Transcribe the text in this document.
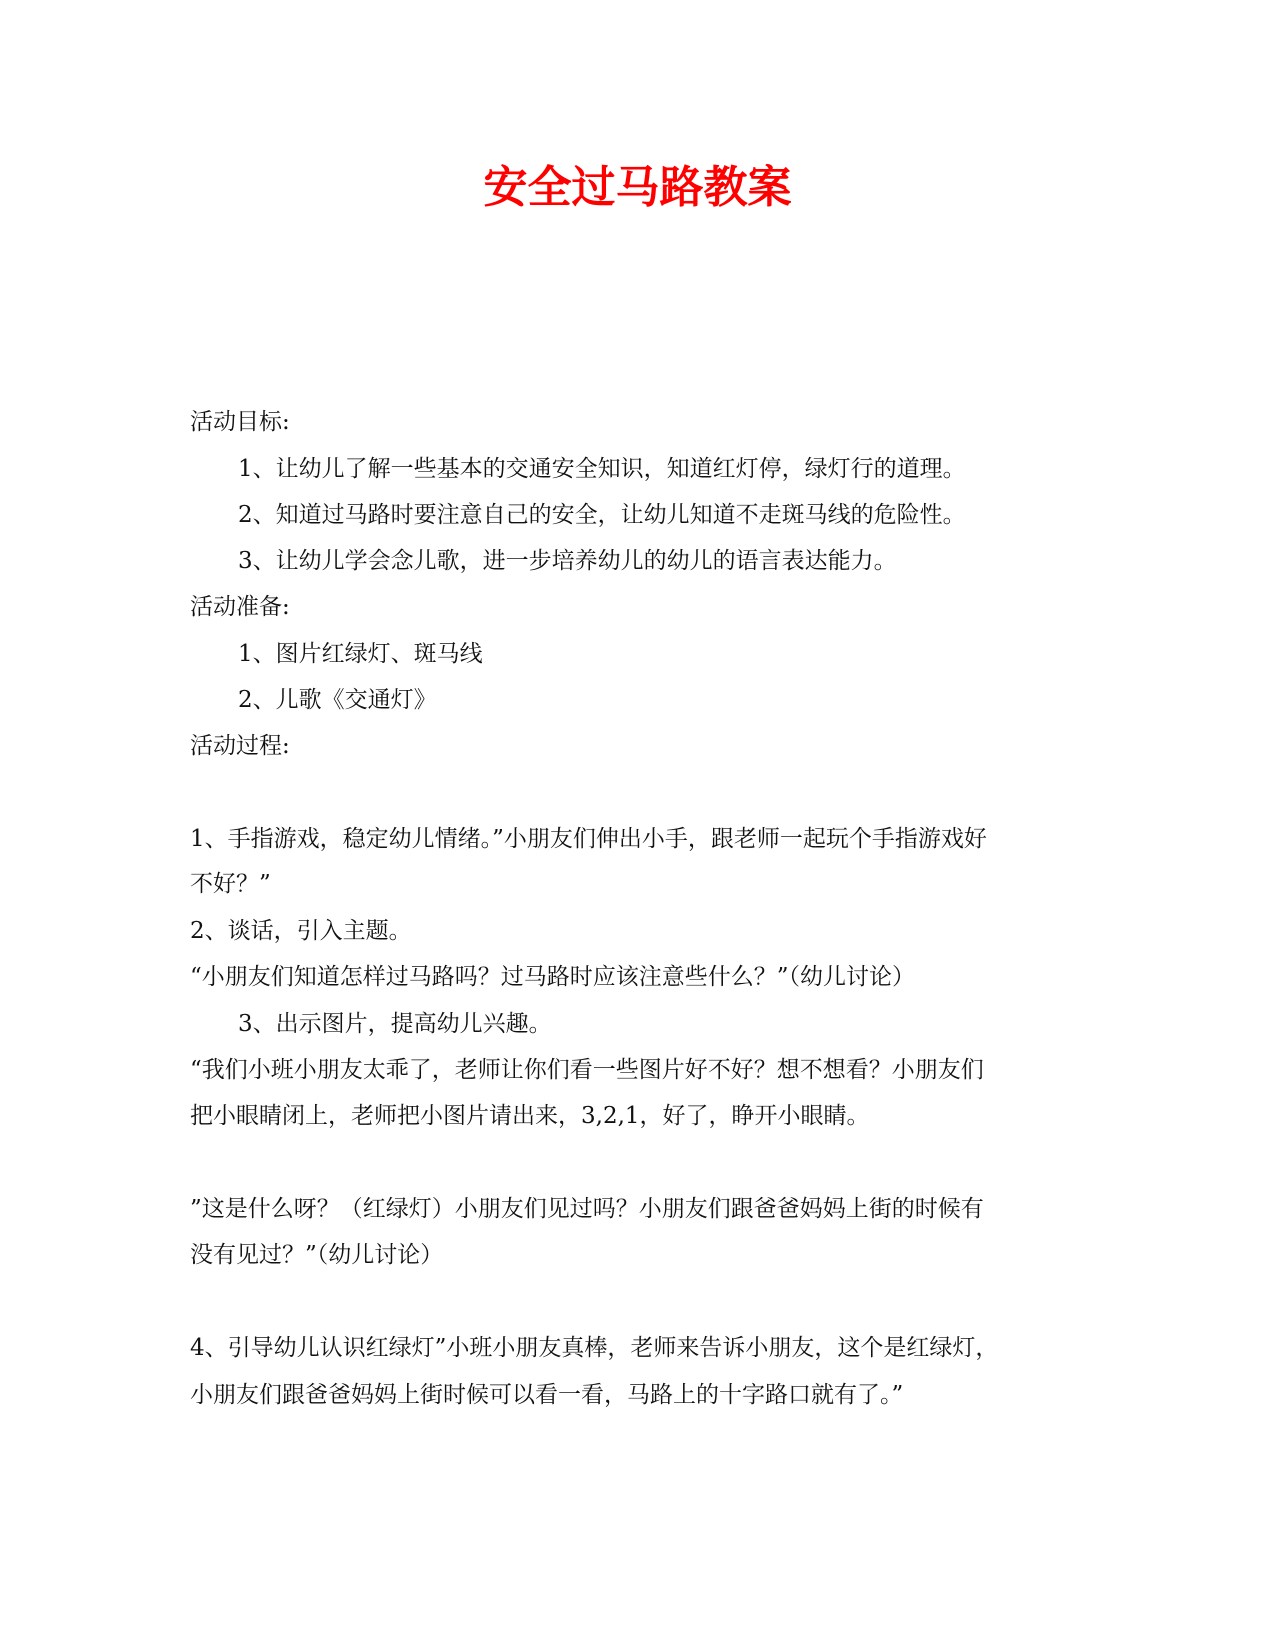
安全过马路教案

活动目标:

1、让幼儿了解一些基本的交通安全知识，知道红灯停，绿灯行的道理。

2、知道过马路时要注意自己的安全，让幼儿知道不走斑马线的危险性。

3、让幼儿学会念儿歌，进一步培养幼儿的幼儿的语言表达能力。

活动准备:

1、图片红绿灯、斑马线

2、儿歌《交通灯》

活动过程:

1、手指游戏，稳定幼儿情绪。”小朋友们伸出小手，跟老师一起玩个手指游戏好

不好？”

2、谈话，引入主题。

“小朋友们知道怎样过马路吗？过马路时应该注意些什么？”（幼儿讨论）

3、出示图片，提高幼儿兴趣。

“我们小班小朋友太乖了，老师让你们看一些图片好不好？想不想看？小朋友们

把小眼睛闭上，老师把小图片请出来，3,2,1，好了，睁开小眼睛。

”这是什么呀？（红绿灯）小朋友们见过吗？小朋友们跟爸爸妈妈上街的时候有

没有见过？”（幼儿讨论）

4、引导幼儿认识红绿灯”小班小朋友真棒，老师来告诉小朋友，这个是红绿灯，

小朋友们跟爸爸妈妈上街时候可以看一看，马路上的十字路口就有了。”
